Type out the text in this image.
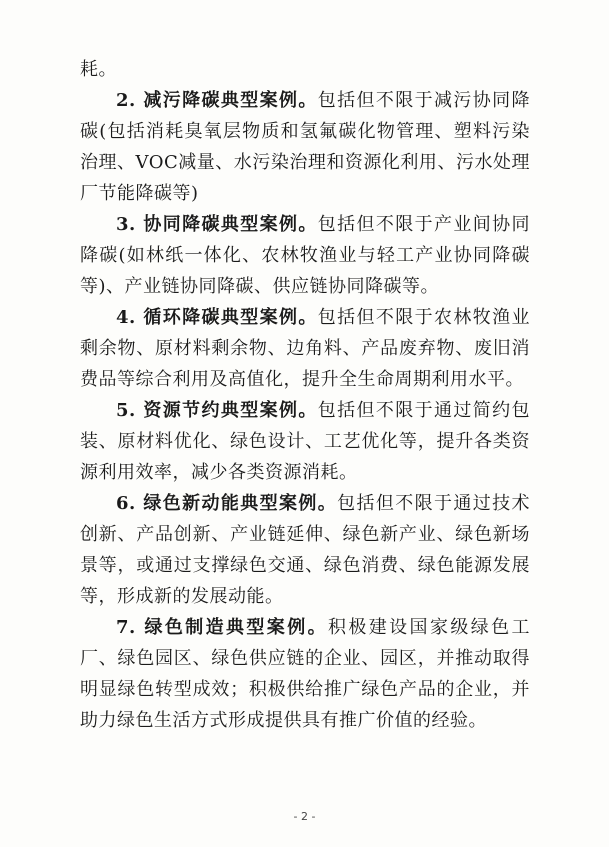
耗。

2. 减污降碳典型案例。包括但不限于减污协同降碳(包括消耗臭氧层物质和氢氟碳化物管理、塑料污染治理、VOC减量、水污染治理和资源化利用、污水处理厂节能降碳等)

3. 协同降碳典型案例。包括但不限于产业间协同降碳(如林纸一体化、农林牧渔业与轻工产业协同降碳等)、产业链协同降碳、供应链协同降碳等。

4. 循环降碳典型案例。包括但不限于农林牧渔业剩余物、原材料剩余物、边角料、产品废弃物、废旧消费品等综合利用及高值化，提升全生命周期利用水平。

5. 资源节约典型案例。包括但不限于通过简约包装、原材料优化、绿色设计、工艺优化等，提升各类资源利用效率，减少各类资源消耗。

6. 绿色新动能典型案例。包括但不限于通过技术创新、产品创新、产业链延伸、绿色新产业、绿色新场景等，或通过支撑绿色交通、绿色消费、绿色能源发展等，形成新的发展动能。

7. 绿色制造典型案例。积极建设国家级绿色工厂、绿色园区、绿色供应链的企业、园区，并推动取得明显绿色转型成效；积极供给推广绿色产品的企业，并助力绿色生活方式形成提供具有推广价值的经验。

- 2 -
